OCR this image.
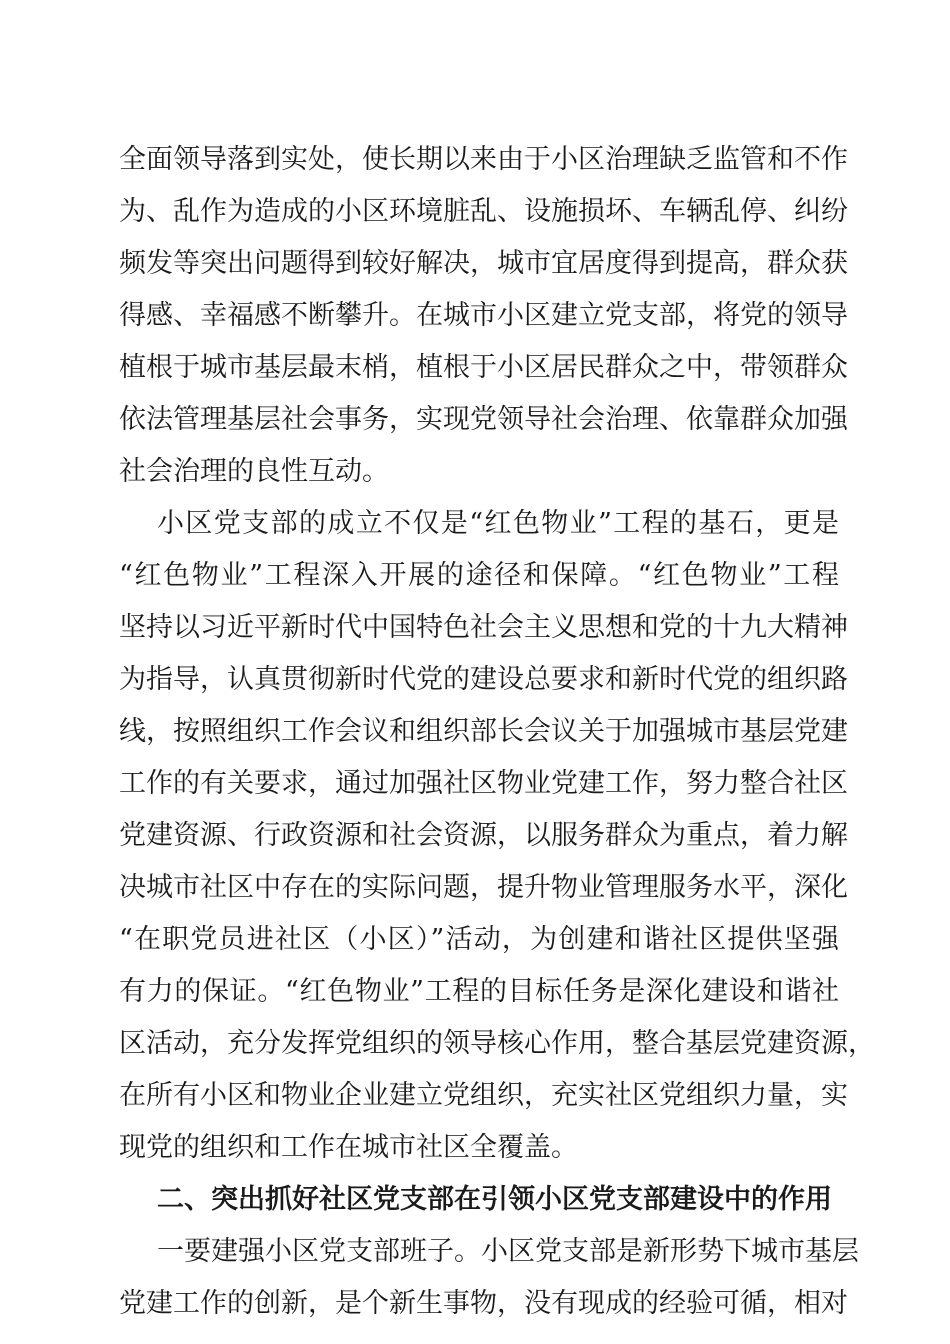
全面领导落到实处，使长期以来由于小区治理缺乏监管和不作
为、乱作为造成的小区环境脏乱、设施损坏、车辆乱停、纠纷
频发等突出问题得到较好解决，城市宜居度得到提高，群众获
得感、幸福感不断攀升。在城市小区建立党支部，将党的领导
植根于城市基层最末梢，植根于小区居民群众之中，带领群众
依法管理基层社会事务，实现党领导社会治理、依靠群众加强
社会治理的良性互动。
小区党支部的成立不仅是“红色物业”工程的基石，更是
“红色物业”工程深入开展的途径和保障。“红色物业”工程
坚持以习近平新时代中国特色社会主义思想和党的十九大精神
为指导，认真贯彻新时代党的建设总要求和新时代党的组织路
线，按照组织工作会议和组织部长会议关于加强城市基层党建
工作的有关要求，通过加强社区物业党建工作，努力整合社区
党建资源、行政资源和社会资源，以服务群众为重点，着力解
决城市社区中存在的实际问题，提升物业管理服务水平，深化
“在职党员进社区（小区）”活动，为创建和谐社区提供坚强
有力的保证。“红色物业”工程的目标任务是深化建设和谐社
区活动，充分发挥党组织的领导核心作用，整合基层党建资源，
在所有小区和物业企业建立党组织，充实社区党组织力量，实
现党的组织和工作在城市社区全覆盖。
二、突出抓好社区党支部在引领小区党支部建设中的作用
一要建强小区党支部班子。小区党支部是新形势下城市基层
党建工作的创新，是个新生事物，没有现成的经验可循，相对
